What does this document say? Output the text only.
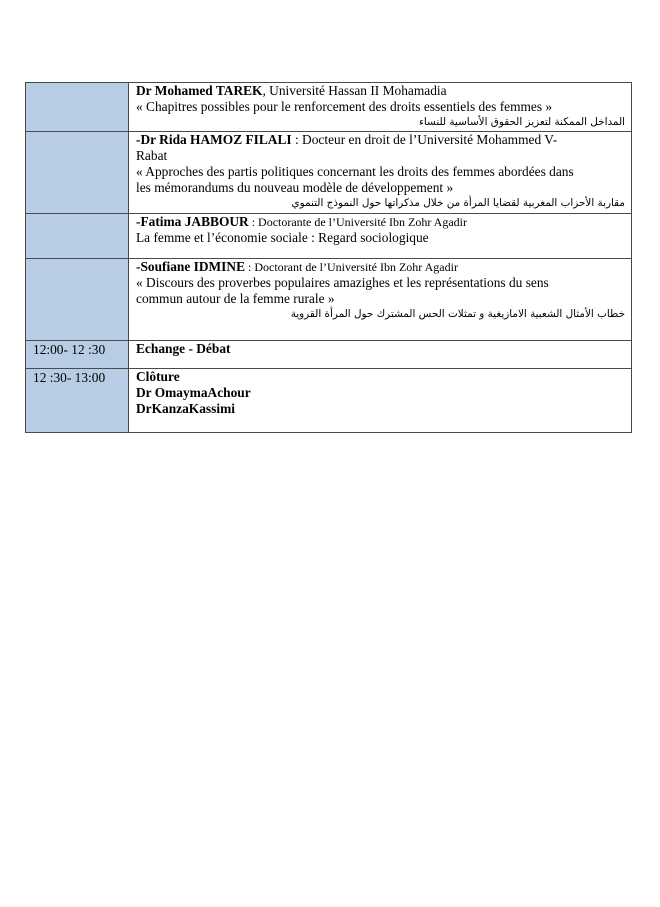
	Dr Mohamed TAREK, Université Hassan II Mohamadia
« Chapitres possibles pour le renforcement des droits essentiels des femmes »
المداخل الممكنة لتعزيز الحقوق الأساسية للنساء

	-Dr Rida HAMOZ FILALI : Docteur en droit de l’Université Mohammed V-
Rabat
« Approches des partis politiques concernant les droits des femmes abordées dans
les mémorandums du nouveau modèle de développement »
مقاربة الأحزاب المغربية لقضايا المرأة من خلال مذكراتها حول النموذج التنموي

	-Fatima JABBOUR : Doctorante de l’Université Ibn Zohr Agadir
La femme et l’économie sociale : Regard sociologique

	-Soufiane IDMINE : Doctorant de l’Université Ibn Zohr Agadir
« Discours des proverbes populaires amazighes et les représentations du sens
commun autour de la femme rurale »
خطاب الأمثال الشعبية الامازيغية و تمثلات الحس المشترك حول المرأة القروية

12:00- 12 :30	Echange - Débat

12 :30- 13:00	Clôture
Dr OmaymaAchour
DrKanzaKassimi
